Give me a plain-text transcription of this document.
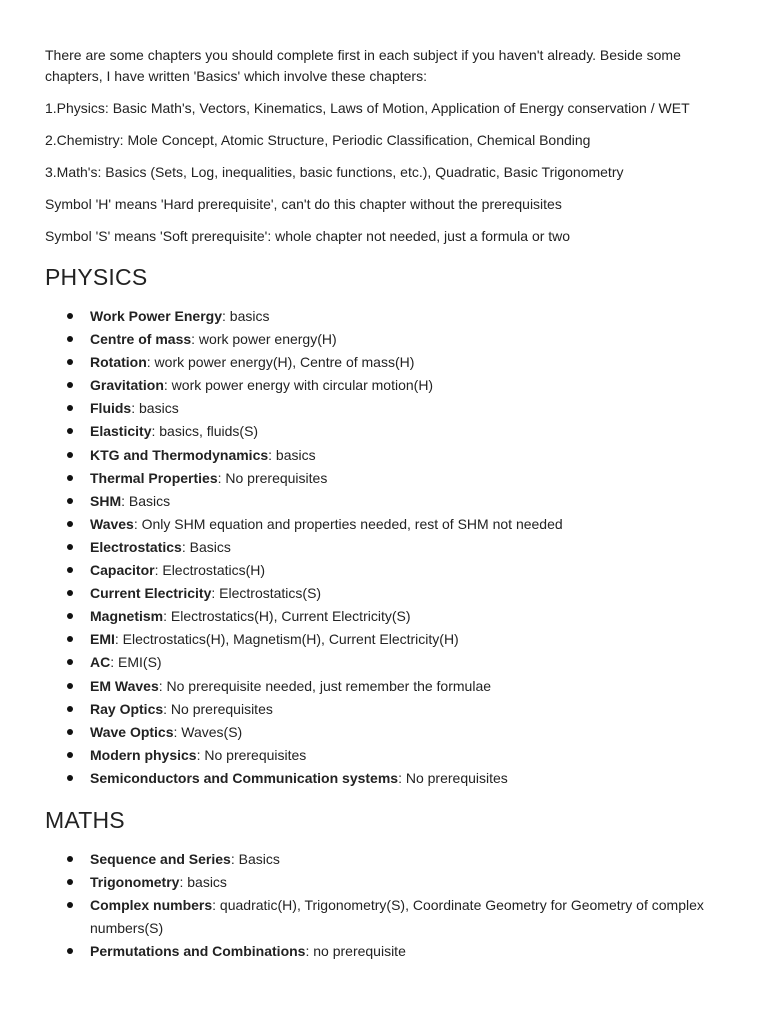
There are some chapters you should complete first in each subject if you haven't already. Beside some chapters, I have written 'Basics' which involve these chapters:

1.Physics: Basic Math's, Vectors, Kinematics, Laws of Motion, Application of Energy conservation / WET

2.Chemistry: Mole Concept, Atomic Structure, Periodic Classification, Chemical Bonding

3.Math's: Basics (Sets, Log, inequalities, basic functions, etc.), Quadratic, Basic Trigonometry

Symbol 'H' means 'Hard prerequisite', can't do this chapter without the prerequisites

Symbol 'S' means 'Soft prerequisite': whole chapter not needed, just a formula or two

PHYSICS
Work Power Energy: basics
Centre of mass: work power energy(H)
Rotation: work power energy(H), Centre of mass(H)
Gravitation: work power energy with circular motion(H)
Fluids: basics
Elasticity: basics, fluids(S)
KTG and Thermodynamics: basics
Thermal Properties: No prerequisites
SHM: Basics
Waves: Only SHM equation and properties needed, rest of SHM not needed
Electrostatics: Basics
Capacitor: Electrostatics(H)
Current Electricity: Electrostatics(S)
Magnetism: Electrostatics(H), Current Electricity(S)
EMI: Electrostatics(H), Magnetism(H), Current Electricity(H)
AC: EMI(S)
EM Waves: No prerequisite needed, just remember the formulae
Ray Optics: No prerequisites
Wave Optics: Waves(S)
Modern physics: No prerequisites
Semiconductors and Communication systems: No prerequisites
MATHS
Sequence and Series: Basics
Trigonometry: basics
Complex numbers: quadratic(H), Trigonometry(S), Coordinate Geometry for Geometry of complex numbers(S)
Permutations and Combinations: no prerequisite
